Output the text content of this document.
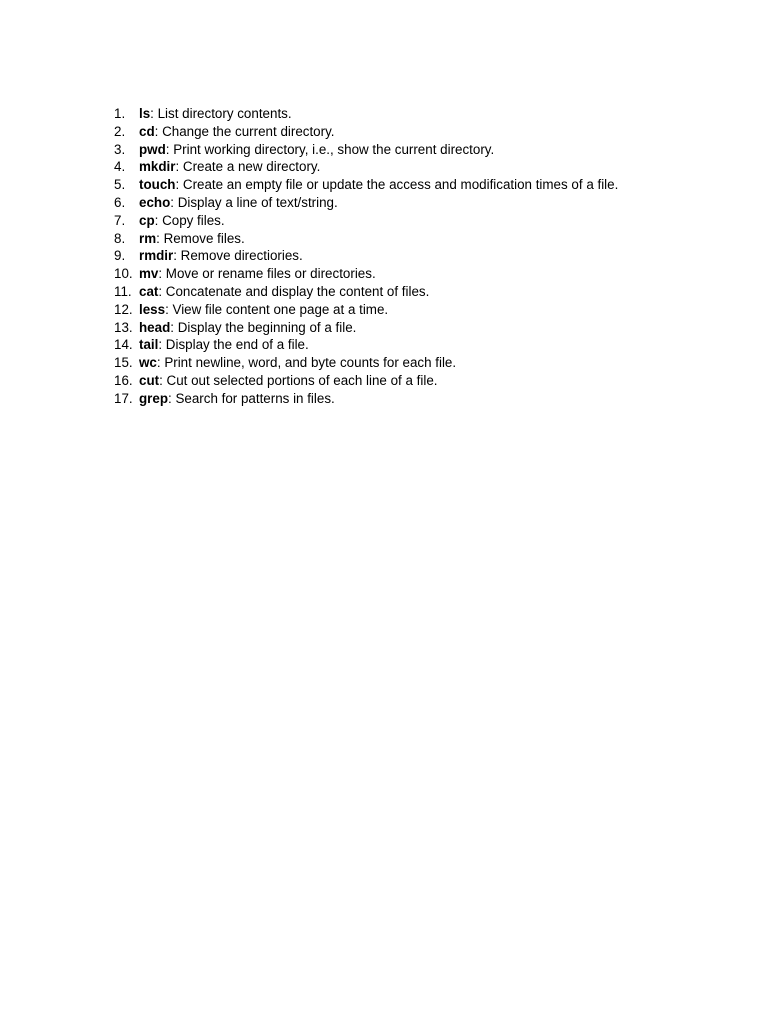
1.	ls: List directory contents.
2.	cd: Change the current directory.
3.	pwd: Print working directory, i.e., show the current directory.
4.	mkdir: Create a new directory.
5.	touch: Create an empty file or update the access and modification times of a file.
6.	echo: Display a line of text/string.
7.	cp: Copy files.
8.	rm: Remove files.
9.	rmdir: Remove directiories.
10. mv: Move or rename files or directories.
11. cat: Concatenate and display the content of files.
12. less: View file content one page at a time.
13. head: Display the beginning of a file.
14. tail: Display the end of a file.
15. wc: Print newline, word, and byte counts for each file.
16. cut: Cut out selected portions of each line of a file.
17. grep: Search for patterns in files.
